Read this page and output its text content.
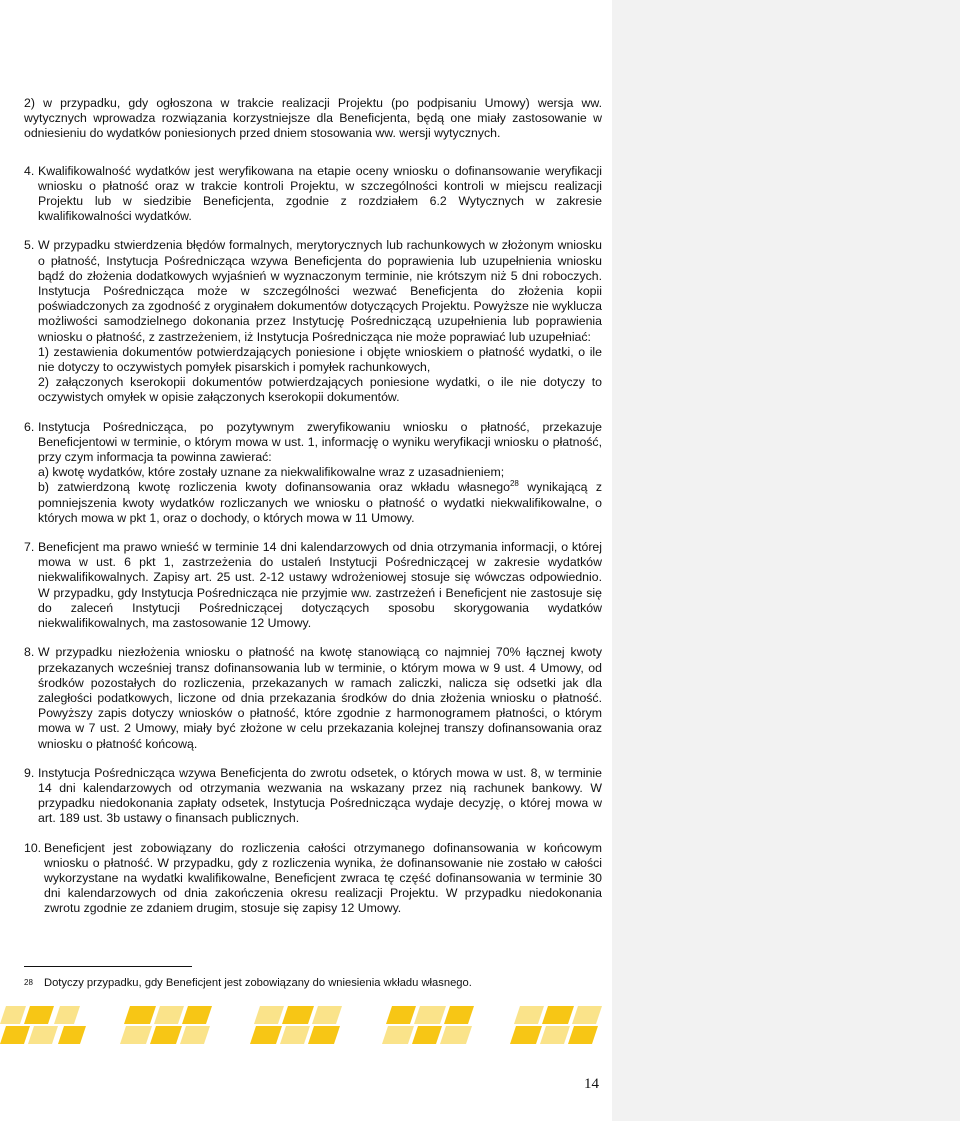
2) w przypadku, gdy ogłoszona w trakcie realizacji Projektu (po podpisaniu Umowy) wersja ww. wytycznych wprowadza rozwiązania korzystniejsze dla Beneficjenta, będą one miały zastosowanie w odniesieniu do wydatków poniesionych przed dniem stosowania ww. wersji wytycznych.

4. Kwalifikowalność wydatków jest weryfikowana na etapie oceny wniosku o dofinansowanie weryfikacji wniosku o płatność oraz w trakcie kontroli Projektu, w szczególności kontroli w miejscu realizacji Projektu lub w siedzibie Beneficjenta, zgodnie z rozdziałem 6.2 Wytycznych w zakresie kwalifikowalności wydatków.

5. W przypadku stwierdzenia błędów formalnych, merytorycznych lub rachunkowych w złożonym wniosku o płatność, Instytucja Pośrednicząca wzywa Beneficjenta do poprawienia lub uzupełnienia wniosku bądź do złożenia dodatkowych wyjaśnień w wyznaczonym terminie, nie krótszym niż 5 dni roboczych. Instytucja Pośrednicząca może w szczególności wezwać Beneficjenta do złożenia kopii poświadczonych za zgodność z oryginałem dokumentów dotyczących Projektu. Powyższe nie wyklucza możliwości samodzielnego dokonania przez Instytucję Pośredniczącą uzupełnienia lub poprawienia wniosku o płatność, z zastrzeżeniem, iż Instytucja Pośrednicząca nie może poprawiać lub uzupełniać:

1) zestawienia dokumentów potwierdzających poniesione i objęte wnioskiem o płatność wydatki, o ile nie dotyczy to oczywistych pomyłek pisarskich i pomyłek rachunkowych,

2) załączonych kserokopii dokumentów potwierdzających poniesione wydatki, o ile nie dotyczy to oczywistych omyłek w opisie załączonych kserokopii dokumentów.

6. Instytucja Pośrednicząca, po pozytywnym zweryfikowaniu wniosku o płatność, przekazuje Beneficjentowi w terminie, o którym mowa w ust. 1, informację o wyniku weryfikacji wniosku o płatność, przy czym informacja ta powinna zawierać:

a) kwotę wydatków, które zostały uznane za niekwalifikowalne wraz z uzasadnieniem;

b) zatwierdzoną kwotę rozliczenia kwoty dofinansowania oraz wkładu własnego$^{28}$ wynikającą z pomniejszenia kwoty wydatków rozliczanych we wniosku o płatność o wydatki niekwalifikowalne, o których mowa w pkt 1, oraz o dochody, o których mowa w 11 Umowy.

7. Beneficjent ma prawo wnieść w terminie 14 dni kalendarzowych od dnia otrzymania informacji, o której mowa w ust. 6 pkt 1, zastrzeżenia do ustaleń Instytucji Pośredniczącej w zakresie wydatków niekwalifikowalnych. Zapisy art. 25 ust. 2-12 ustawy wdrożeniowej stosuje się wówczas odpowiednio. W przypadku, gdy Instytucja Pośrednicząca nie przyjmie ww. zastrzeżeń i Beneficjent nie zastosuje się do zaleceń Instytucji Pośredniczącej dotyczących sposobu skorygowania wydatków niekwalifikowalnych, ma zastosowanie 12 Umowy.

8. W przypadku niezłożenia wniosku o płatność na kwotę stanowiącą co najmniej 70% łącznej kwoty przekazanych wcześniej transz dofinansowania lub w terminie, o którym mowa w 9 ust. 4 Umowy, od środków pozostałych do rozliczenia, przekazanych w ramach zaliczki, nalicza się odsetki jak dla zaległości podatkowych, liczone od dnia przekazania środków do dnia złożenia wniosku o płatność. Powyższy zapis dotyczy wniosków o płatność, które zgodnie z harmonogramem płatności, o którym mowa w 7 ust. 2 Umowy, miały być złożone w celu przekazania kolejnej transzy dofinansowania oraz wniosku o płatność końcową.

9. Instytucja Pośrednicząca wzywa Beneficjenta do zwrotu odsetek, o których mowa w ust. 8, w terminie 14 dni kalendarzowych od otrzymania wezwania na wskazany przez nią rachunek bankowy. W przypadku niedokonania zapłaty odsetek, Instytucja Pośrednicząca wydaje decyzję, o której mowa w art. 189 ust. 3b ustawy o finansach publicznych.

10. Beneficjent jest zobowiązany do rozliczenia całości otrzymanego dofinansowania w końcowym wniosku o płatność. W przypadku, gdy z rozliczenia wynika, że dofinansowanie nie zostało w całości wykorzystane na wydatki kwalifikowalne, Beneficjent zwraca tę część dofinansowania w terminie 30 dni kalendarzowych od dnia zakończenia okresu realizacji Projektu. W przypadku niedokonania zwrotu zgodnie ze zdaniem drugim, stosuje się zapisy 12 Umowy.

28 Dotyczy przypadku, gdy Beneficjent jest zobowiązany do wniesienia wkładu własnego.
14
